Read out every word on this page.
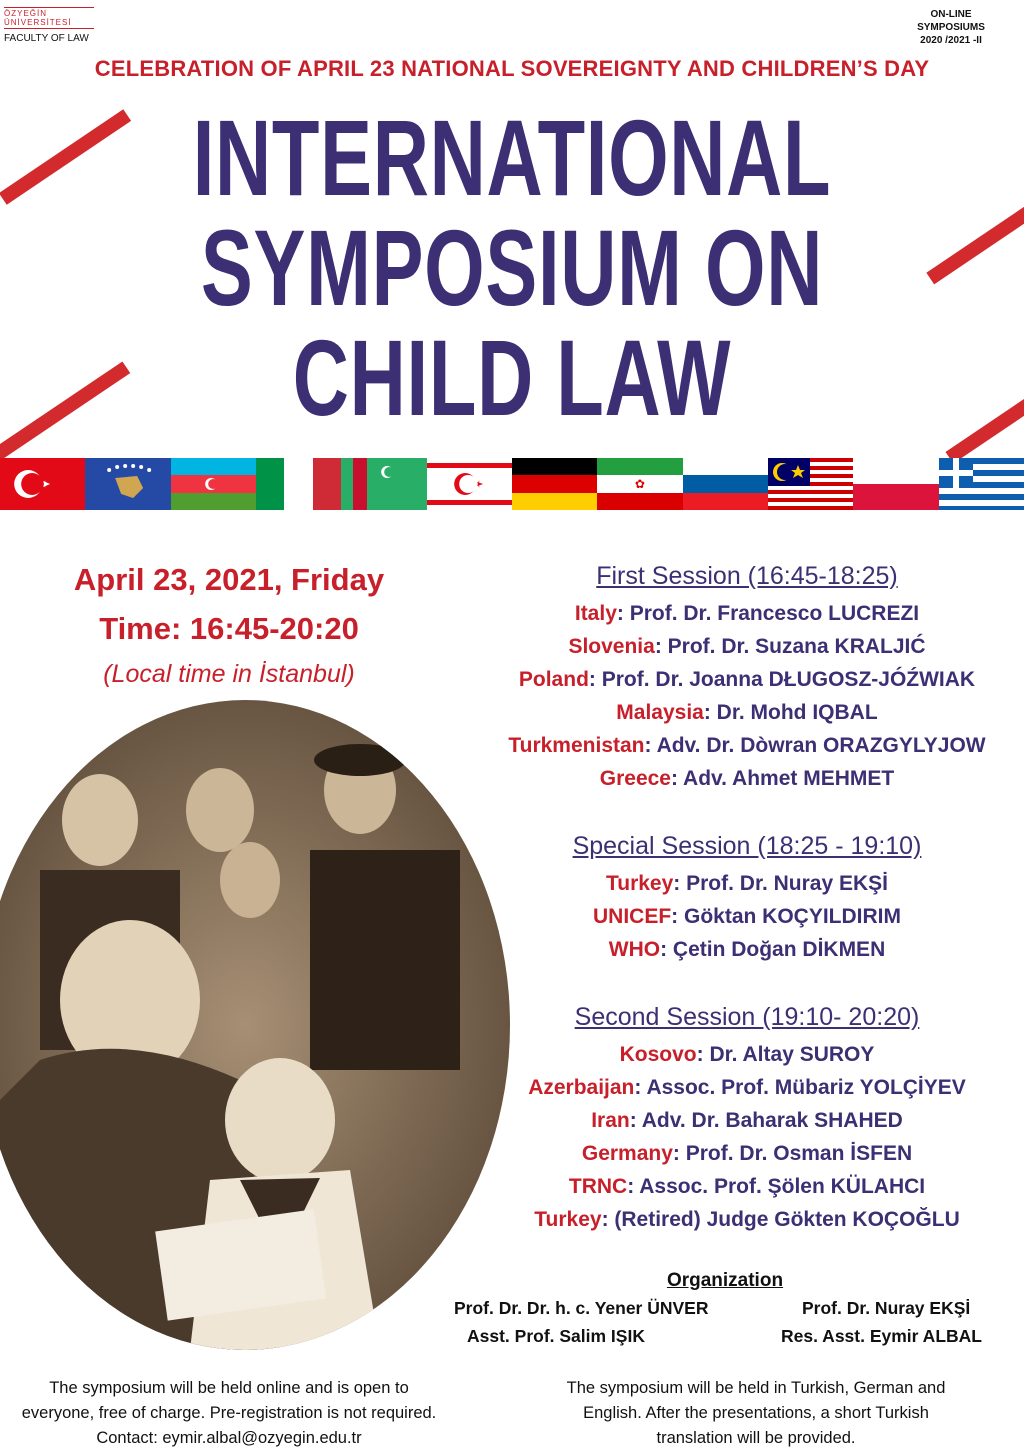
ÖZYEĞİN ÜNİVERSİTESİ
FACULTY OF LAW
ON-LINE
SYMPOSIUMS
2020 /2021 -II
CELEBRATION OF APRIL 23 NATIONAL SOVEREIGNTY AND CHILDREN’S DAY
INTERNATIONAL
SYMPOSIUM ON
CHILD LAW
✿
April 23, 2021, Friday
Time: 16:45-20:20
(Local time in İstanbul)
First Session (16:45-18:25)
Italy: Prof. Dr. Francesco LUCREZI
Slovenia: Prof. Dr. Suzana KRALJIĆ
Poland: Prof. Dr. Joanna DŁUGOSZ-JÓŹWIAK
Malaysia: Dr. Mohd IQBAL
Turkmenistan: Adv. Dr. Dòwran ORAZGYLYJOW
Greece: Adv. Ahmet MEHMET
Special Session (18:25 - 19:10)
Turkey: Prof. Dr. Nuray EKŞİ
UNICEF: Göktan KOÇYILDIRIM
WHO: Çetin Doğan DİKMEN
Second Session (19:10- 20:20)
Kosovo: Dr. Altay SUROY
Azerbaijan: Assoc. Prof. Mübariz YOLÇİYEV
Iran: Adv. Dr. Baharak SHAHED
Germany: Prof. Dr. Osman İSFEN
TRNC: Assoc. Prof. Şölen KÜLAHCI
Turkey: (Retired) Judge Gökten KOÇOĞLU
Organization
Prof. Dr. Dr. h. c. Yener ÜNVER	Prof. Dr. Nuray EKŞİ
Asst. Prof. Salim IŞIK	Res. Asst. Eymir ALBAL
The symposium will be held online and is open to
everyone, free of charge. Pre-registration is not required.
Contact: eymir.albal@ozyegin.edu.tr
The symposium will be held in Turkish, German and
English. After the presentations, a short Turkish
translation will be provided.
